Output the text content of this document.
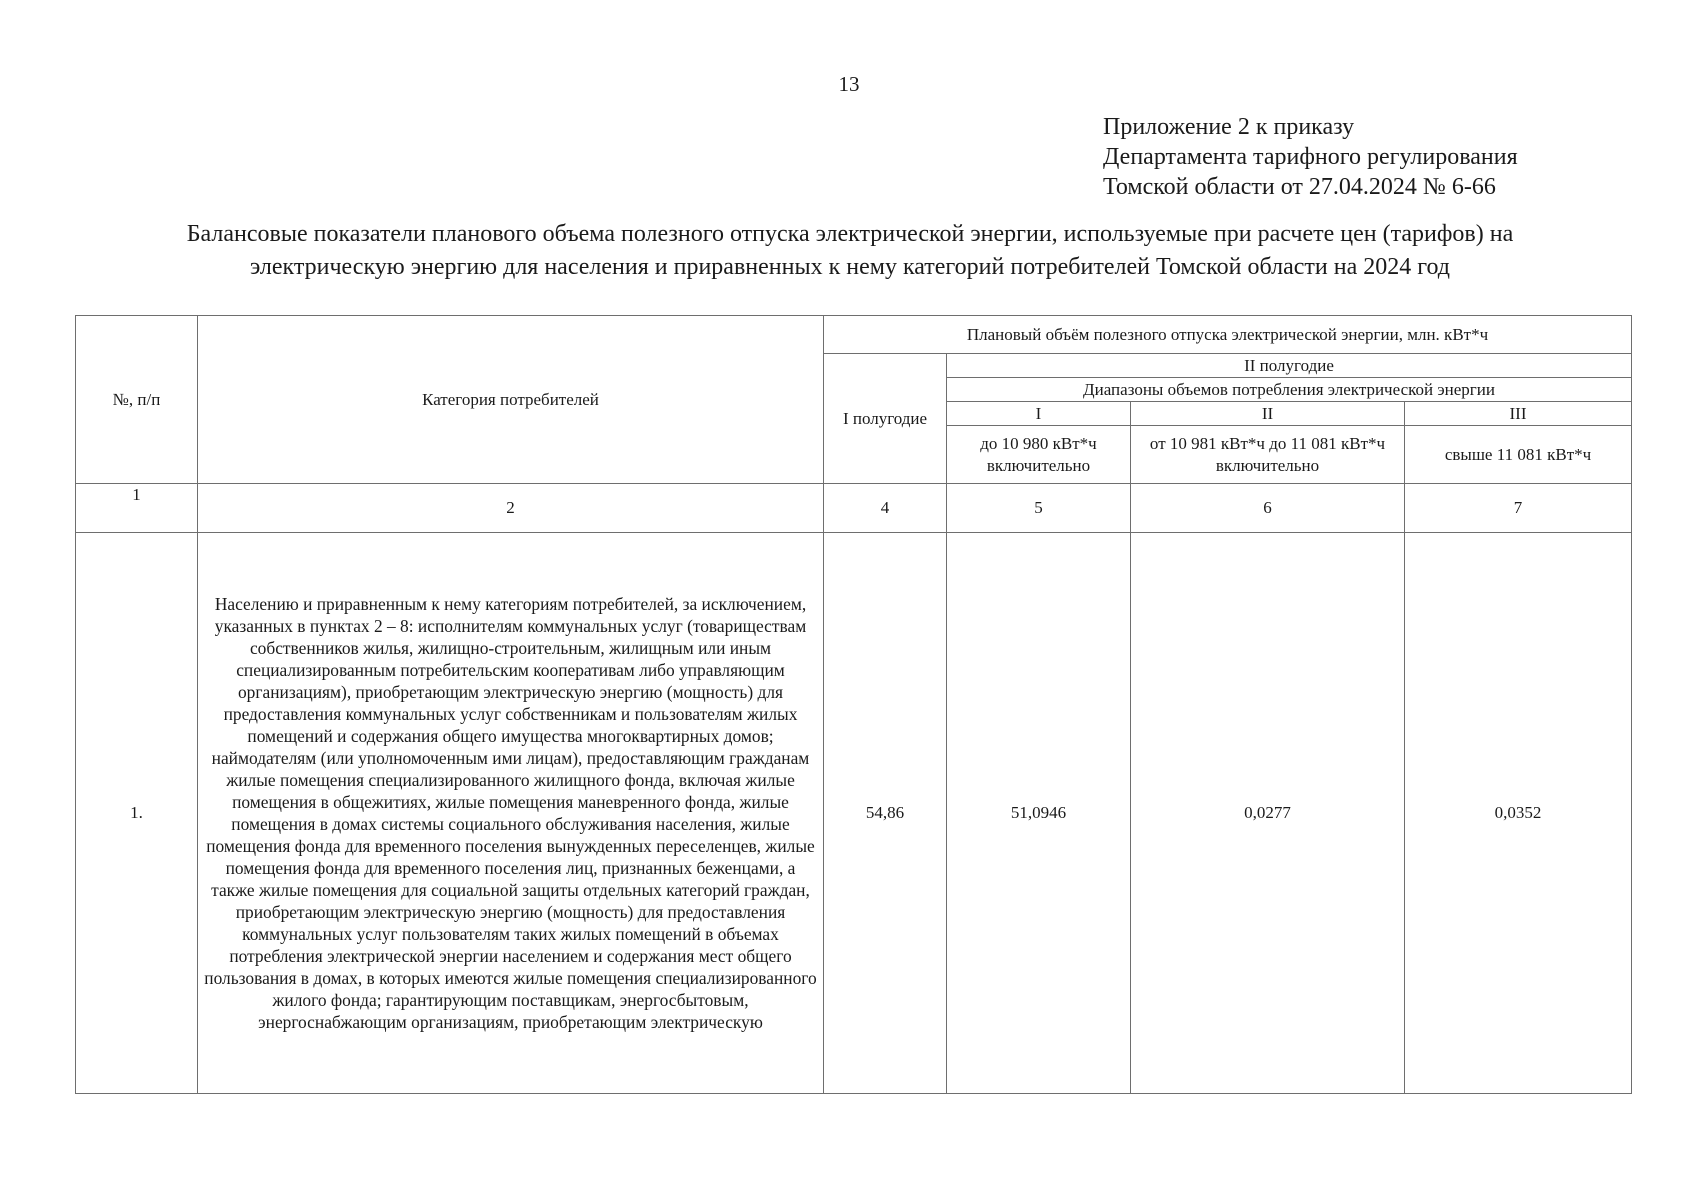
13
Приложение 2 к приказу
Департамента тарифного регулирования
Томской области от 27.04.2024 № 6-66
Балансовые показатели планового объема полезного отпуска электрической энергии, используемые при расчете цен (тарифов) на
электрическую энергию для населения и приравненных к нему категорий потребителей Томской области на 2024 год
№, п/п	Категория потребителей	Плановый объём полезного отпуска электрической энергии, млн. кВт*ч			
		I полугодие	II полугодие		
			Диапазоны объемов потребления электрической энергии		
			I	II	III
			до 10 980 кВт*ч включительно	от 10 981 кВт*ч до 11 081 кВт*ч включительно	свыше 11 081 кВт*ч
1	2	4	5	6	7
1.	Населению и приравненным к нему категориям потребителей, за исключением, указанных в пунктах 2 – 8: исполнителям коммунальных услуг (товариществам собственников жилья, жилищно-строительным, жилищным или иным специализированным потребительским кооперативам либо управляющим организациям), приобретающим электрическую энергию (мощность) для предоставления коммунальных услуг собственникам и пользователям жилых помещений и содержания общего имущества многоквартирных домов; наймодателям (или уполномоченным ими лицам), предоставляющим гражданам жилые помещения специализированного жилищного фонда, включая жилые помещения в общежитиях, жилые помещения маневренного фонда, жилые помещения в домах системы социального обслуживания населения, жилые помещения фонда для временного поселения вынужденных переселенцев, жилые помещения фонда для временного поселения лиц, признанных беженцами, а также жилые помещения для социальной защиты отдельных категорий граждан, приобретающим электрическую энергию (мощность) для предоставления коммунальных услуг пользователям таких жилых помещений в объемах потребления электрической энергии населением и содержания мест общего пользования в домах, в которых имеются жилые помещения специализированного жилого фонда; гарантирующим поставщикам, энергосбытовым, энергоснабжающим организациям, приобретающим электрическую	54,86	51,0946	0,0277	0,0352
